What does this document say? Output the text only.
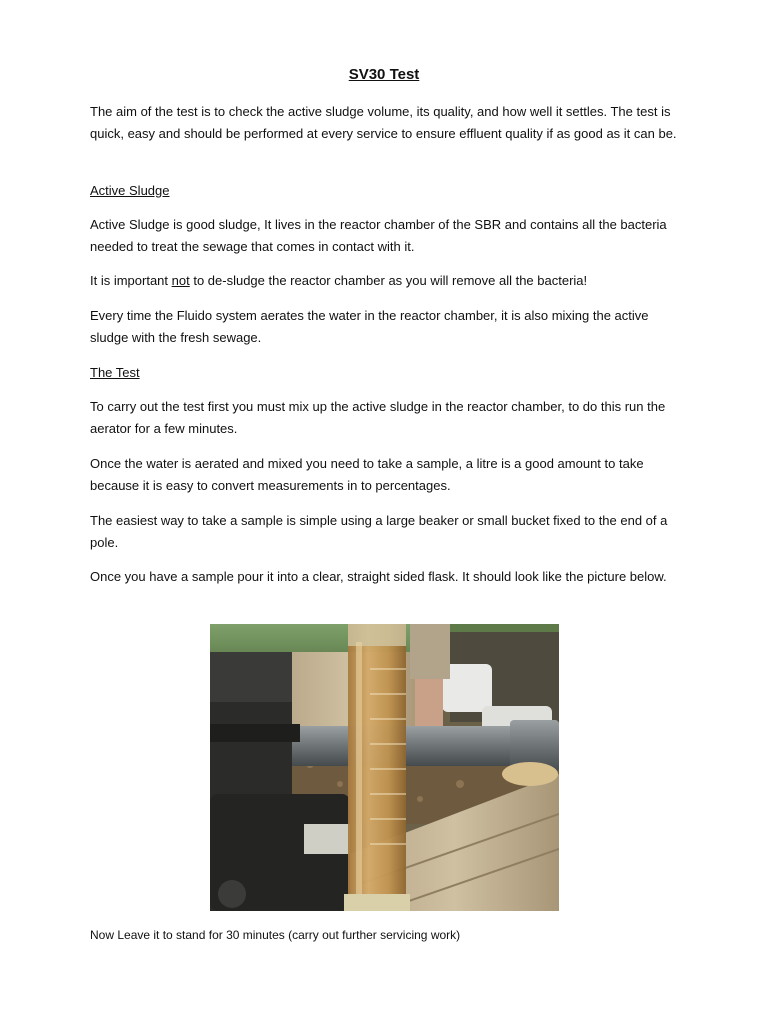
SV30 Test

The aim of the test is to check the active sludge volume, its quality, and how well it settles. The test is quick, easy and should be performed at every service to ensure effluent quality if as good as it can be.

Active Sludge

Active Sludge is good sludge, It lives in the reactor chamber of the SBR and contains all the bacteria needed to treat the sewage that comes in contact with it.

It is important not to de-sludge the reactor chamber as you will remove all the bacteria!

Every time the Fluido system aerates the water in the reactor chamber, it is also mixing the active sludge with the fresh sewage.

The Test

To carry out the test first you must mix up the active sludge in the reactor chamber, to do this run the aerator for a few minutes.

Once the water is aerated and mixed you need to take a sample, a litre is a good amount to take because it is easy to convert measurements in to percentages.

The easiest way to take a sample is simple using a large beaker or small bucket fixed to the end of a pole.

Once you have a sample pour it into a clear, straight sided flask. It should look like the picture below.

Now Leave it to stand for 30 minutes (carry out further servicing work)
